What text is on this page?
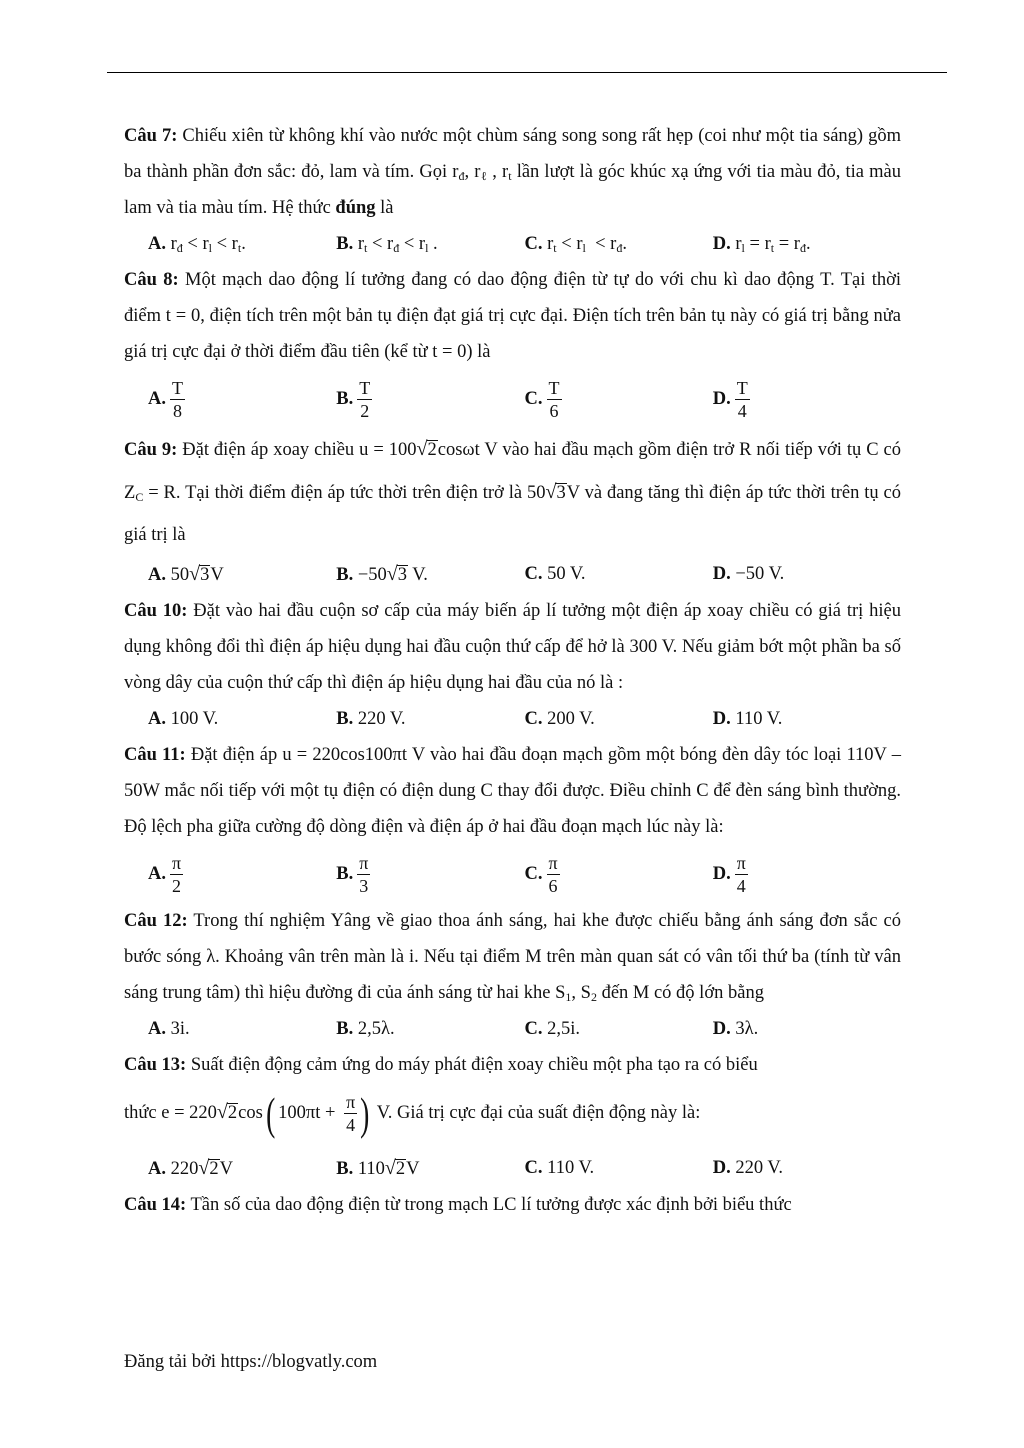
Câu 7: Chiếu xiên từ không khí vào nước một chùm sáng song song rất hẹp (coi như một tia sáng) gồm ba thành phần đơn sắc: đỏ, lam và tím. Gọi $r_đ$, $r_\ell$ , $r_t$ lần lượt là góc khúc xạ ứng với tia màu đỏ, tia màu lam và tia màu tím. Hệ thức đúng là
A. $r_đ < r_l < r_t$.	B. $r_t < r_đ < r_l$ .	C. $r_t < r_l < r_đ$.	D. $r_l = r_t = r_đ$.
Câu 8: Một mạch dao động lí tưởng đang có dao động điện từ tự do với chu kì dao động T. Tại thời điểm t = 0, điện tích trên một bản tụ điện đạt giá trị cực đại. Điện tích trên bản tụ này có giá trị bằng nửa giá trị cực đại ở thời điểm đầu tiên (kể từ t = 0) là
A. $\frac{T}{8}$	B. $\frac{T}{2}$	C. $\frac{T}{6}$	D. $\frac{T}{4}$
Câu 9: Đặt điện áp xoay chiều u = 100√2cosωt V vào hai đầu mạch gồm điện trở R nối tiếp với tụ C có $Z_C = R$. Tại thời điểm điện áp tức thời trên điện trở là 50√3V và đang tăng thì điện áp tức thời trên tụ có giá trị là
A. 50√3V	B. −50√3 V.	C. 50 V.	D. −50 V.
Câu 10: Đặt vào hai đầu cuộn sơ cấp của máy biến áp lí tưởng một điện áp xoay chiều có giá trị hiệu dụng không đổi thì điện áp hiệu dụng hai đầu cuộn thứ cấp để hở là 300 V. Nếu giảm bớt một phần ba số vòng dây của cuộn thứ cấp thì điện áp hiệu dụng hai đầu của nó là :
A. 100 V.	B. 220 V.	C. 200 V.	D. 110 V.
Câu 11: Đặt điện áp u = 220cos100πt V vào hai đầu đoạn mạch gồm một bóng đèn dây tóc loại 110V – 50W mắc nối tiếp với một tụ điện có điện dung C thay đổi được. Điều chỉnh C để đèn sáng bình thường. Độ lệch pha giữa cường độ dòng điện và điện áp ở hai đầu đoạn mạch lúc này là:
A. $\frac{\pi}{2}$	B. $\frac{\pi}{3}$	C. $\frac{\pi}{6}$	D. $\frac{\pi}{4}$
Câu 12: Trong thí nghiệm Yâng về giao thoa ánh sáng, hai khe được chiếu bằng ánh sáng đơn sắc có bước sóng λ. Khoảng vân trên màn là i. Nếu tại điểm M trên màn quan sát có vân tối thứ ba (tính từ vân sáng trung tâm) thì hiệu đường đi của ánh sáng từ hai khe $S_1$, $S_2$ đến M có độ lớn bằng
A. 3i.	B. 2,5λ.	C. 2,5i.	D. 3λ.
Câu 13: Suất điện động cảm ứng do máy phát điện xoay chiều một pha tạo ra có biểu
thức e = 220√2cos( $100\pi t + \frac{\pi}{4}$ ) V. Giá trị cực đại của suất điện động này là:
A. 220√2V	B. 110√2V	C. 110 V.	D. 220 V.
Câu 14: Tần số của dao động điện từ trong mạch LC lí tưởng được xác định bởi biểu thức
Đăng tải bởi https://blogvatly.com
